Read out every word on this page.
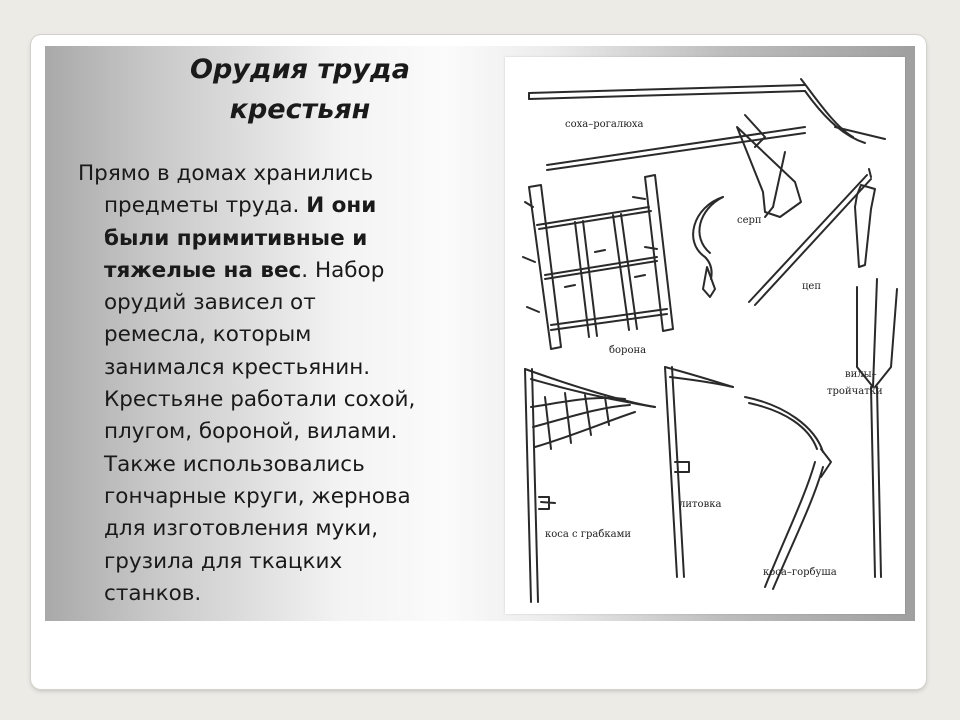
Орудия труда
крестьян
Прямо в домах хранились
предметы труда. И они
были примитивные и
тяжелые на вес. Набор
орудий зависел от
ремесла, которым
занимался крестьянин.
Крестьяне работали сохой,
плугом, бороной, вилами.
Также использовались
гончарные круги, жернова
для изготовления муки,
грузила для ткацких
станков.
соха–рогалюха
серп
цеп
борона
вилы–
тройчатки
коса с грабками
литовка
коса–горбуша
